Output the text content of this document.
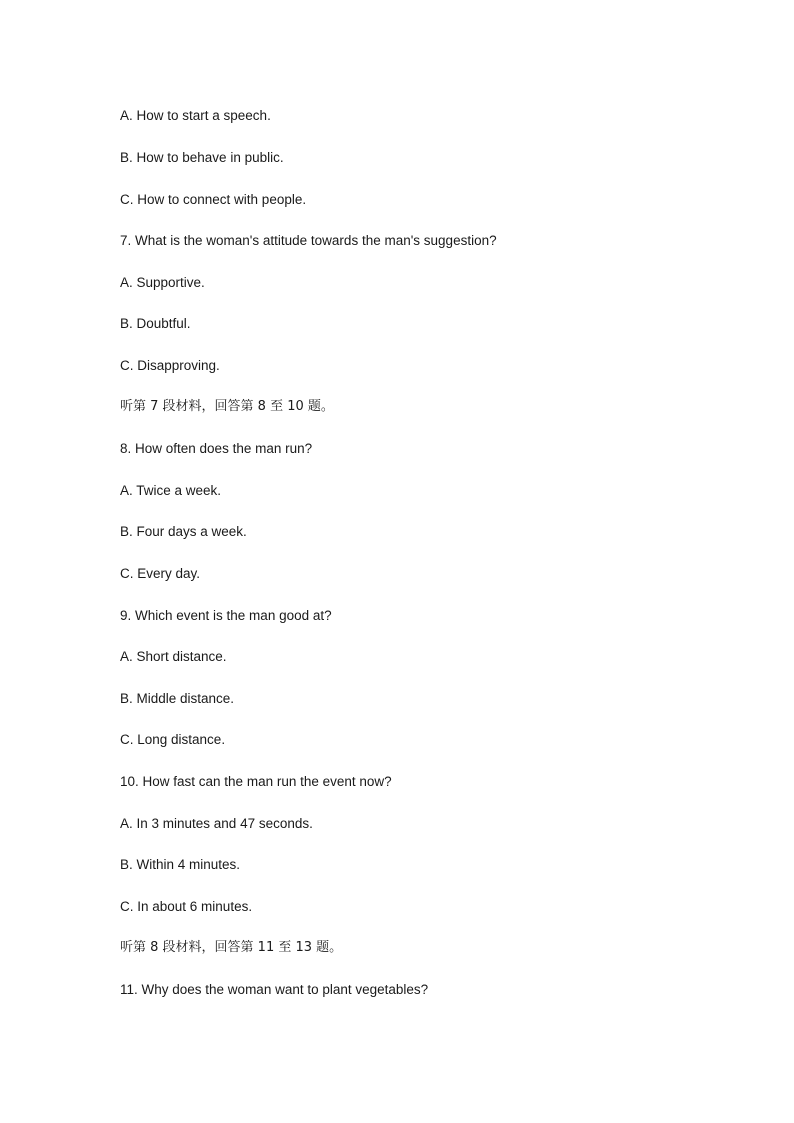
A. How to start a speech.
B. How to behave in public.
C. How to connect with people.
7. What is the woman's attitude towards the man's suggestion?
A. Supportive.
B. Doubtful.
C. Disapproving.
听第 7 段材料，回答第 8 至 10 题。
8. How often does the man run?
A. Twice a week.
B. Four days a week.
C. Every day.
9. Which event is the man good at?
A. Short distance.
B. Middle distance.
C. Long distance.
10. How fast can the man run the event now?
A. In 3 minutes and 47 seconds.
B. Within 4 minutes.
C. In about 6 minutes.
听第 8 段材料，回答第 11 至 13 题。
11. Why does the woman want to plant vegetables?
